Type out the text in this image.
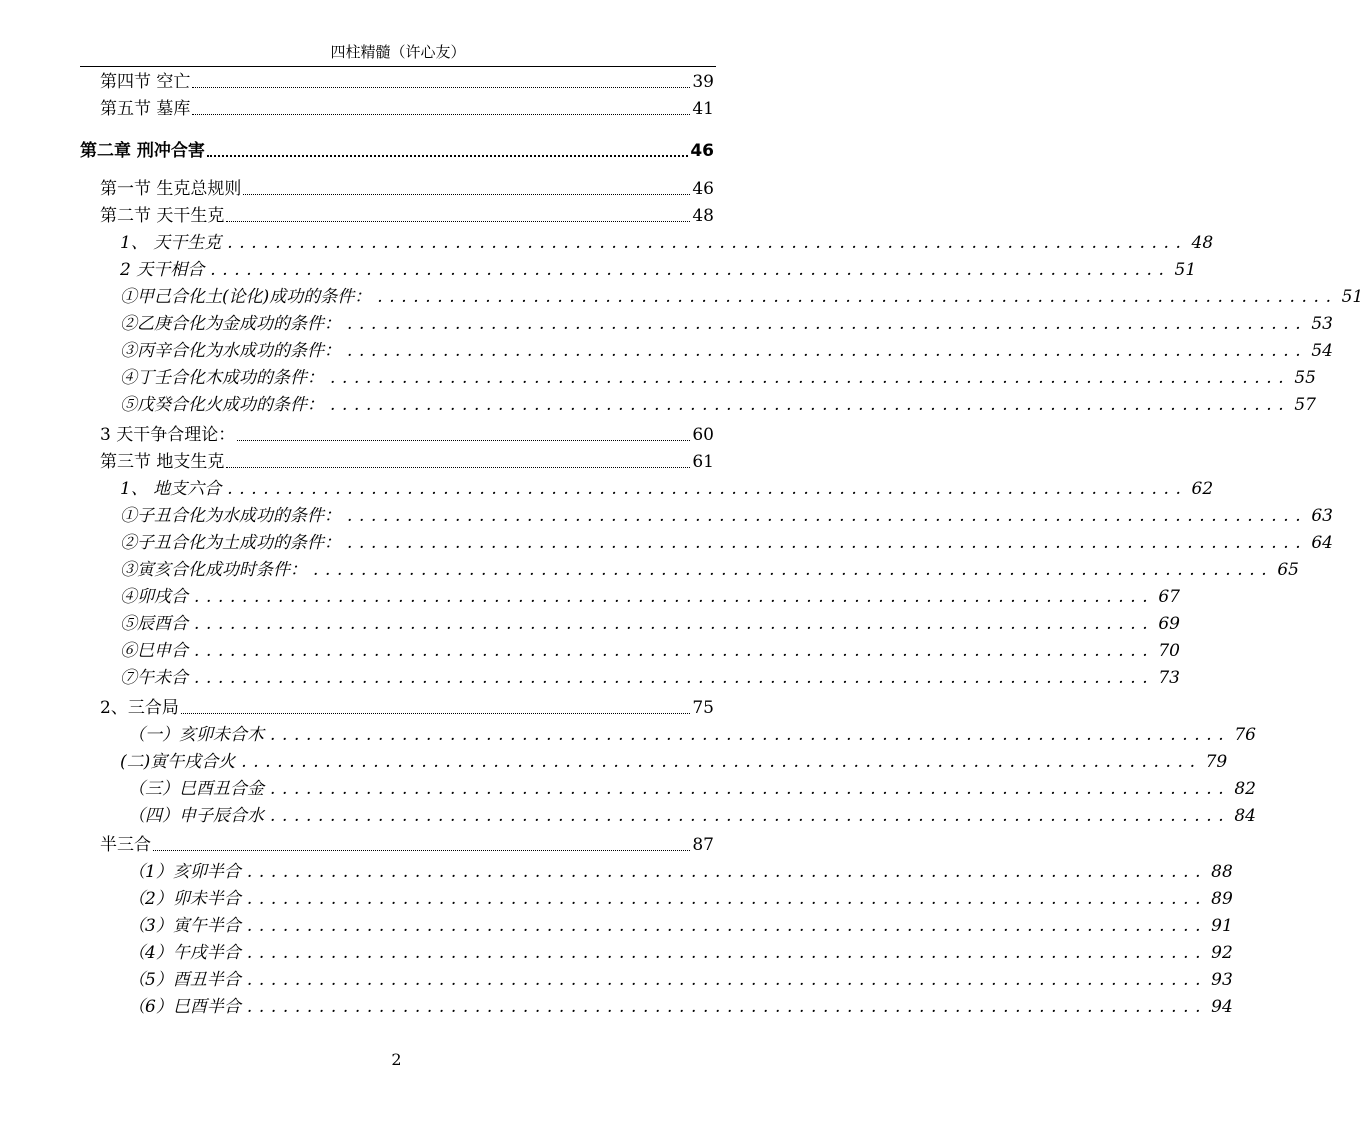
四柱精髓（许心友）
第四节 空亡	39
第五节 墓库	41
第二章 刑冲合害	46
第一节 生克总规则	46
第二节 天干生克	48
1、 天干生克 ................................................................................ 48
2 天干相合 ................................................................................ 51
①甲己合化土(论化)成功的条件： ................................................................................ 51
②乙庚合化为金成功的条件： ................................................................................ 53
③丙辛合化为水成功的条件： ................................................................................ 54
④丁壬合化木成功的条件： ................................................................................ 55
⑤戊癸合化火成功的条件： ................................................................................ 57
3 天干争合理论：	60
第三节 地支生克	61
1、 地支六合 ................................................................................ 62
①子丑合化为水成功的条件： ................................................................................ 63
②子丑合化为土成功的条件： ................................................................................ 64
③寅亥合化成功时条件： ................................................................................ 65
④卯戌合 ................................................................................ 67
⑤辰酉合 ................................................................................ 69
⑥巳申合 ................................................................................ 70
⑦午未合 ................................................................................ 73
2、三合局	75
（一）亥卯未合木 ................................................................................ 76
(二)寅午戌合火 ................................................................................ 79
（三）巳酉丑合金 ................................................................................ 82
（四）申子辰合水 ................................................................................ 84
半三合	87
（1）亥卯半合 ................................................................................ 88
（2）卯未半合 ................................................................................ 89
（3）寅午半合 ................................................................................ 91
（4）午戌半合 ................................................................................ 92
（5）酉丑半合 ................................................................................ 93
（6）巳酉半合 ................................................................................ 94
2
